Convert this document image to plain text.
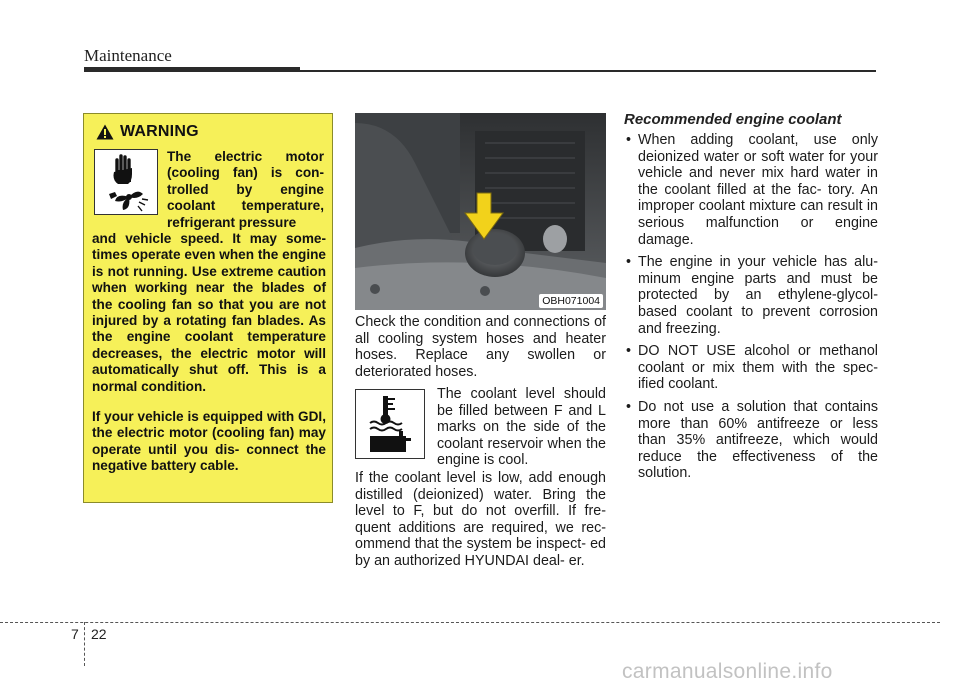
Maintenance
WARNING
The electric motor (cooling fan) is con- trolled by engine coolant temperature, refrigerant pressure
and vehicle speed. It may some- times operate even when the engine is not running. Use extreme caution when working near the blades of the cooling fan so that you are not injured by a rotating fan blades. As the engine coolant temperature decreases, the electric motor will automatically shut off. This is a normal condition.
If your vehicle is equipped with GDI, the electric motor (cooling fan) may operate until you dis- connect the negative battery cable.
OBH071004
Check the condition and connections of all cooling system hoses and heater hoses. Replace any swollen or deteriorated hoses.
The coolant level should be filled between F and L marks on the side of the coolant reservoir when the engine is cool.
If the coolant level is low, add enough distilled (deionized) water. Bring the level to F, but do not overfill. If fre- quent additions are required, we rec- ommend that the system be inspect- ed by an authorized HYUNDAI deal- er.
Recommended engine coolant
• When adding coolant, use only deionized water or soft water for your vehicle and never mix hard water in the coolant filled at the fac- tory. An improper coolant mixture can result in serious malfunction or engine damage.
• The engine in your vehicle has alu- minum engine parts and must be protected by an ethylene-glycol- based coolant to prevent corrosion and freezing.
• DO NOT USE alcohol or methanol coolant or mix them with the spec- ified coolant.
• Do not use a solution that contains more than 60% antifreeze or less than 35% antifreeze, which would reduce the effectiveness of the solution.
7 22
carmanualsonline.info
